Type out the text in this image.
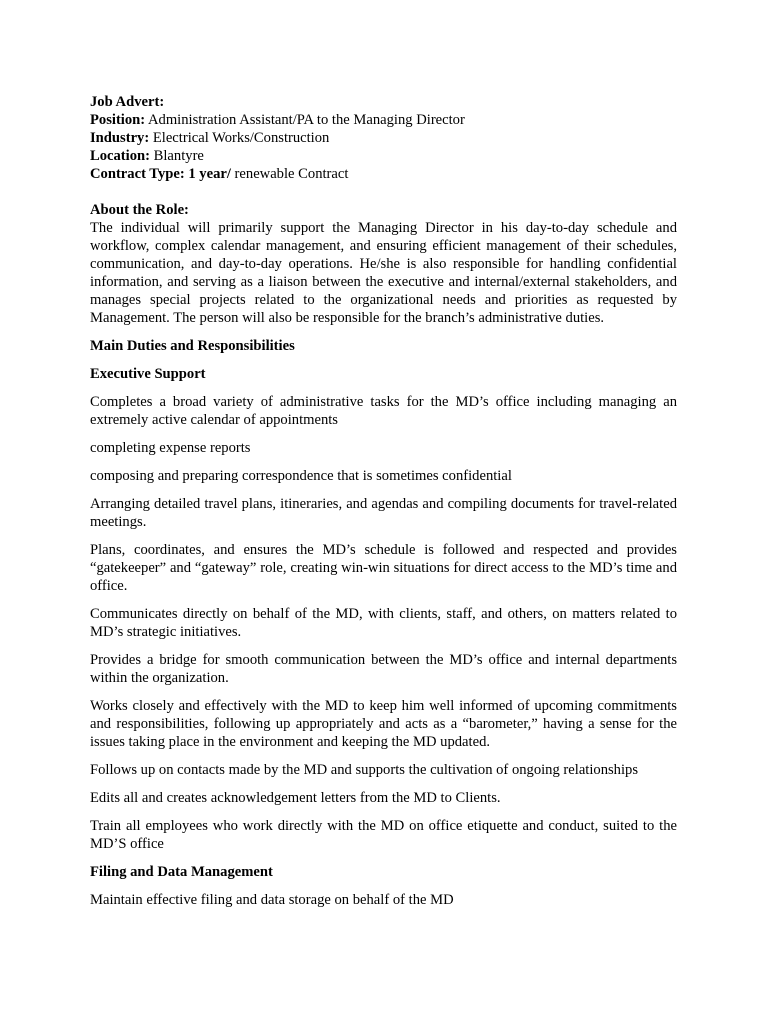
Job Advert:

Position: Administration Assistant/PA to the Managing Director

Industry: Electrical Works/Construction

Location: Blantyre

Contract Type: 1 year/ renewable Contract

About the Role:

The individual will primarily support the Managing Director in his day-to-day schedule and workflow, complex calendar management, and ensuring efficient management of their schedules, communication, and day-to-day operations. He/she is also responsible for handling confidential information, and serving as a liaison between the executive and internal/external stakeholders, and manages special projects related to the organizational needs and priorities as requested by Management. The person will also be responsible for the branch’s administrative duties.

Main Duties and Responsibilities

Executive Support

Completes a broad variety of administrative tasks for the MD’s office including managing an extremely active calendar of appointments

completing expense reports

composing and preparing correspondence that is sometimes confidential

Arranging detailed travel plans, itineraries, and agendas and compiling documents for travel-related meetings.

Plans, coordinates, and ensures the MD’s schedule is followed and respected and provides “gatekeeper” and “gateway” role, creating win-win situations for direct access to the MD’s time and office.

Communicates directly on behalf of the MD, with clients, staff, and others, on matters related to MD’s strategic initiatives.

Provides a bridge for smooth communication between the MD’s office and internal departments within the organization.

Works closely and effectively with the MD to keep him well informed of upcoming commitments and responsibilities, following up appropriately and acts as a “barometer,” having a sense for the issues taking place in the environment and keeping the MD updated.

Follows up on contacts made by the MD and supports the cultivation of ongoing relationships

Edits all and creates acknowledgement letters from the MD to Clients.

Train all employees who work directly with the MD on office etiquette and conduct, suited to the MD’S office

Filing and Data Management

Maintain effective filing and data storage on behalf of the MD
